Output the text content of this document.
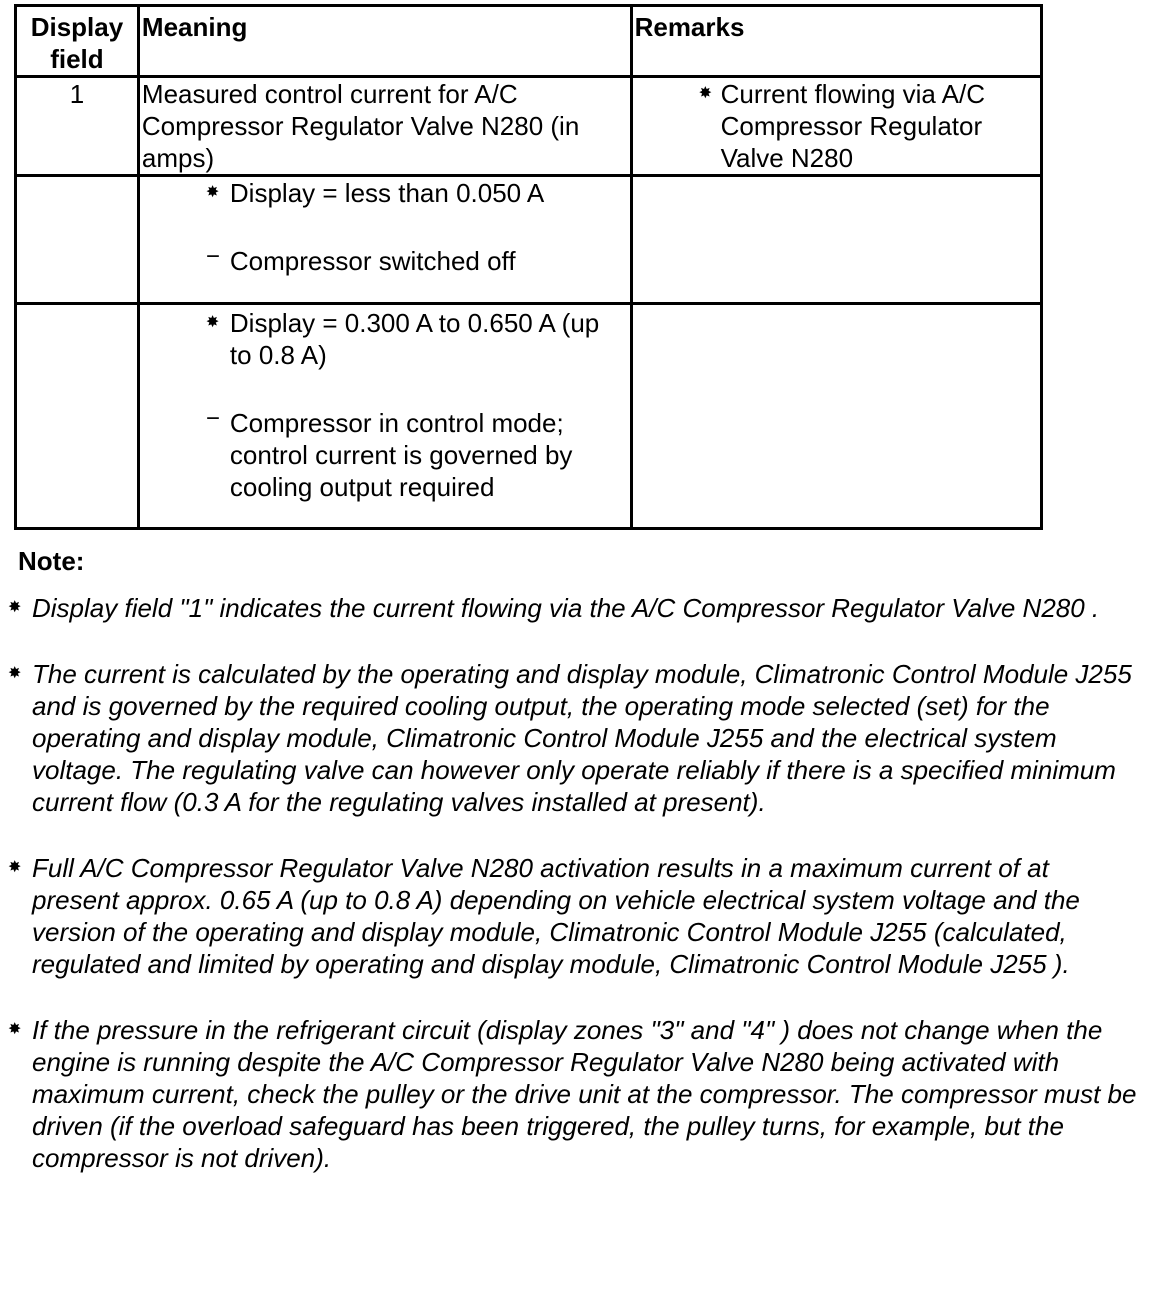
Display field	Meaning	Remarks
1	Measured control current for A/C Compressor Regulator Valve N280 (in amps)	✸ Current flowing via A/C Compressor Regulator Valve N280

	✸ Display = less than 0.050 A
− Compressor switched off	

	✸ Display = 0.300 A to 0.650 A (up to 0.8 A)
− Compressor in control mode; control current is governed by cooling output required	

Note:
✸ Display field "1" indicates the current flowing via the A/C Compressor Regulator Valve N280 .
✸ The current is calculated by the operating and display module, Climatronic Control Module J255 and is governed by the required cooling output, the operating mode selected (set) for the operating and display module, Climatronic Control Module J255 and the electrical system voltage. The regulating valve can however only operate reliably if there is a specified minimum current flow (0.3 A for the regulating valves installed at present).
✸ Full A/C Compressor Regulator Valve N280 activation results in a maximum current of at present approx. 0.65 A (up to 0.8 A) depending on vehicle electrical system voltage and the version of the operating and display module, Climatronic Control Module J255 (calculated, regulated and limited by operating and display module, Climatronic Control Module J255 ).
✸ If the pressure in the refrigerant circuit (display zones "3" and "4" ) does not change when the engine is running despite the A/C Compressor Regulator Valve N280 being activated with maximum current, check the pulley or the drive unit at the compressor. The compressor must be driven (if the overload safeguard has been triggered, the pulley turns, for example, but the compressor is not driven).
